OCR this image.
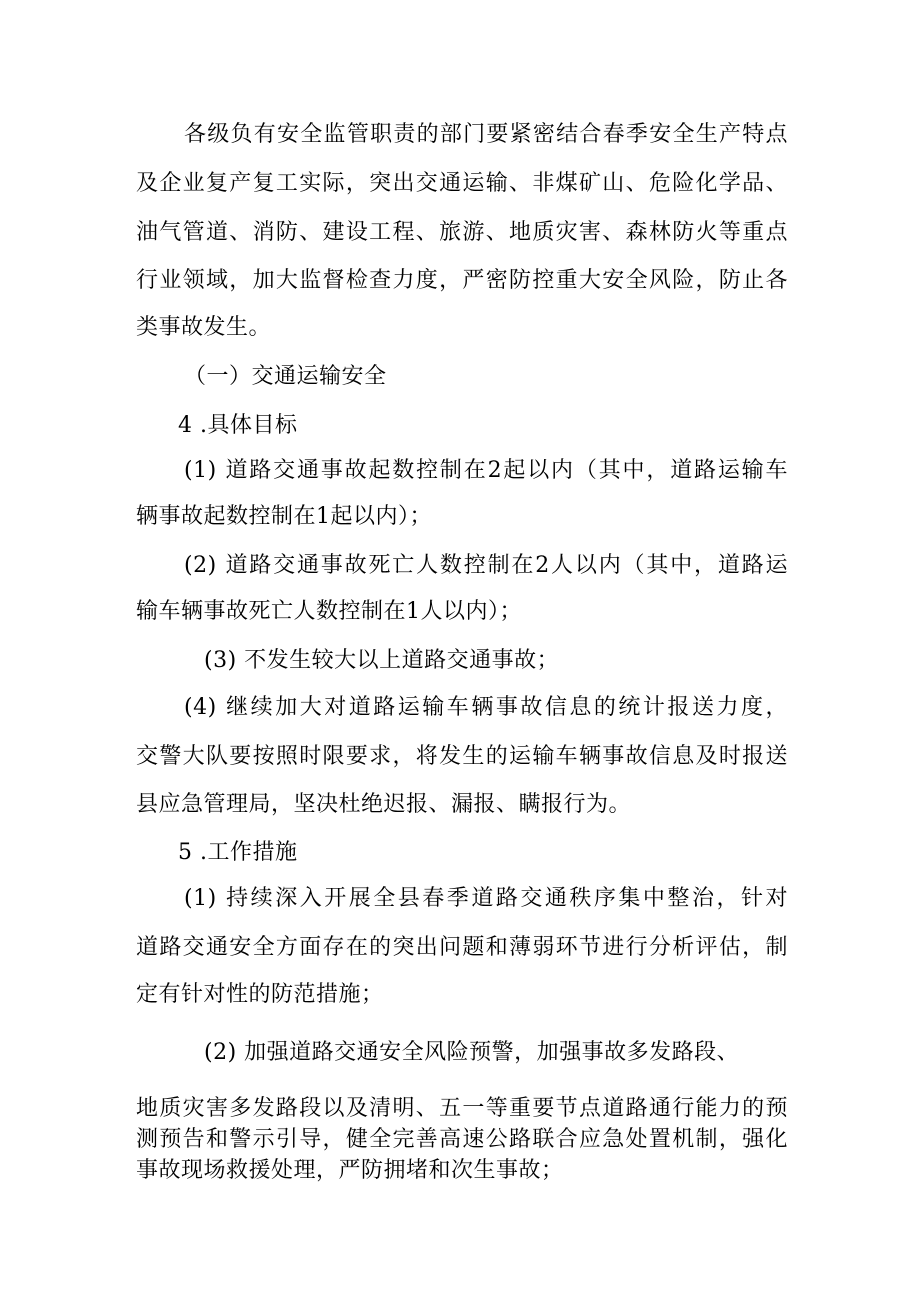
各级负有安全监管职责的部门要紧密结合春季安全生产特点
及企业复产复工实际，突出交通运输、非煤矿山、危险化学品、
油气管道、消防、建设工程、旅游、地质灾害、森林防火等重点
行业领域，加大监督检查力度，严密防控重大安全风险，防止各
类事故发生。
（一）交通运输安全
4 .具体目标
(1) 道路交通事故起数控制在2起以内（其中，道路运输车
辆事故起数控制在1起以内）；
(2) 道路交通事故死亡人数控制在2人以内（其中，道路运
输车辆事故死亡人数控制在1人以内）；
(3) 不发生较大以上道路交通事故；
(4) 继续加大对道路运输车辆事故信息的统计报送力度，
交警大队要按照时限要求，将发生的运输车辆事故信息及时报送
县应急管理局，坚决杜绝迟报、漏报、瞒报行为。
5 .工作措施
(1) 持续深入开展全县春季道路交通秩序集中整治，针对
道路交通安全方面存在的突出问题和薄弱环节进行分析评估，制
定有针对性的防范措施；
(2) 加强道路交通安全风险预警，加强事故多发路段、
地质灾害多发路段以及清明、五一等重要节点道路通行能力的预
测预告和警示引导，健全完善高速公路联合应急处置机制，强化
事故现场救援处理，严防拥堵和次生事故；
